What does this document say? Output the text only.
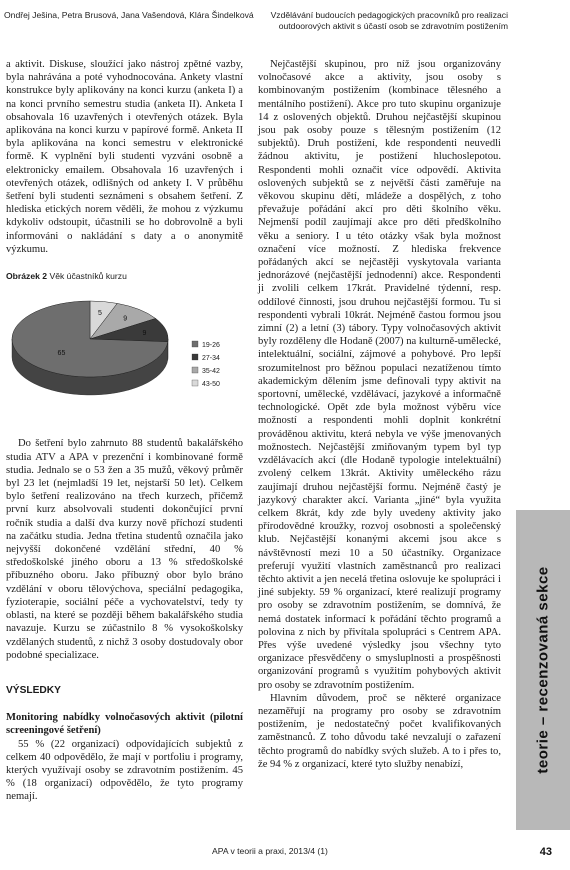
Ondřej Ješina, Petra Brusová, Jana Vašendová, Klára Šindelková Vzdělávání budoucích pedagogických pracovníků pro realizaci
outdoorových aktivit s účastí osob se zdravotním postižením

a aktivit. Diskuse, sloužící jako nástroj zpětné vazby, byla nahrávána a poté vyhodnocována. Ankety vlastní konstrukce byly aplikovány na konci kurzu (anketa I) a na konci prvního semestru studia (anketa II). Anketa I obsahovala 16 uzavřených i otevřených otázek. Byla aplikována na konci kurzu v papírové formě. Anketa II byla aplikována na konci semestru v elektronické formě. K vyplnění byli studenti vyzváni osobně a elektronicky emailem. Obsahovala 16 uzavřených i otevřených otázek, odlišných od ankety I. V průběhu šetření byli studenti seznámeni s obsahem šetření. Z hlediska etických norem věděli, že mohou z výzkumu kdykoliv odstoupit, účastnili se ho dobrovolně a byli informováni o nakládání s daty a o anonymitě výzkumu.

Obrázek 2 Věk účastníků kurzu
5
9
9
65
19-26
27-34
35-42
43-50

Do šetření bylo zahrnuto 88 studentů bakalářského studia ATV a APA v prezenční i kombinované formě studia. Jednalo se o 53 žen a 35 mužů, věkový průměr byl 23 let (nejmladší 19 let, nejstarší 50 let). Celkem bylo šetření realizováno na třech kurzech, přičemž první kurz absolvovali studenti dokončující první ročník studia a další dva kurzy nově příchozí studenti na začátku studia. Jedna třetina studentů označila jako nejvyšší dokončené vzdělání střední, 40 % středoškolské jiného oboru a 13 % středoškolské příbuzného oboru. Jako příbuzný obor bylo bráno vzdělání v oboru tělovýchova, speciální pedagogika, fyzioterapie, sociální péče a vychovatelství, tedy ty oblasti, na které se později během bakalářského studia navazuje. Kurzu se zúčastnilo 8 % vysokoškolsky vzdělaných studentů, z nichž 3 osoby dostudovaly obor podobné specializace.

VÝSLEDKY
Monitoring nabídky volnočasových aktivit (pilotní screeningové šetření)

55 % (22 organizací) odpovídajících subjektů z celkem 40 odpovědělo, že mají v portfoliu i programy, kterých využívají osoby se zdravotním postižením. 45 % (18 organizací) odpovědělo, že tyto programy nemají.

Nejčastější skupinou, pro níž jsou organizovány volnočasové akce a aktivity, jsou osoby s kombinovaným postižením (kombinace tělesného a mentálního postižení). Akce pro tuto skupinu organizuje 14 z oslovených objektů. Druhou nejčastější skupinou jsou pak osoby pouze s tělesným postižením (12 subjektů). Druh postižení, kde respondenti neuvedli žádnou aktivitu, je postižení hluchoslepotou. Respondenti mohli označit více odpovědí. Aktivita oslovených subjektů se z největší části zaměřuje na věkovou skupinu dětí, mládeže a dospělých, z toho převažuje pořádání akcí pro děti školního věku. Nejmenší podíl zaujímají akce pro děti předškolního věku a seniory. I u této otázky však byla možnost označení více možností. Z hlediska frekvence pořádaných akcí se nejčastěji vyskytovala varianta jednorázové (nejčastější jednodenní) akce. Respondenti ji zvolili celkem 17krát. Pravidelné týdenní, resp. oddílové činnosti, jsou druhou nejčastější formou. Tu si respondenti vybrali 10krát. Nejméně častou formou jsou zimní (2) a letní (3) tábory. Typy volnočasových aktivit byly rozděleny dle Hodaně (2007) na kulturně-umělecké, intelektuální, sociální, zájmové a pohybové. Pro lepší srozumitelnost pro běžnou populaci nezatíženou tímto akademickým dělením jsme definovali typy aktivit na sportovní, umělecké, vzdělávací, jazykové a informačně technologické. Opět zde byla možnost výběru více možností a respondenti mohli doplnit konkrétní prováděnou aktivitu, která nebyla ve výše jmenovaných možnostech. Nejčastější zmiňovaným typem byl typ vzdělávacích akcí (dle Hodaně typologie intelektuální) zvolený celkem 13krát. Aktivity uměleckého rázu zaujímají druhou nejčastější formu. Nejméně častý je jazykový charakter akcí. Varianta „jiné“ byla využita celkem 8krát, kdy zde byly uvedeny aktivity jako přírodovědné kroužky, rozvoj osobnosti a společenský klub. Nejčastější konanými akcemi jsou akce s návštěvností mezi 10 a 50 účastníky. Organizace preferují využití vlastních zaměstnanců pro realizaci těchto aktivit a jen necelá třetina oslovuje ke spolupráci i jiné subjekty. 59 % organizací, které realizují programy pro osoby se zdravotním postižením, se domnívá, že nemá dostatek informací k pořádání těchto programů a polovina z nich by přivítala spolupráci s Centrem APA. Přes výše uvedené výsledky jsou všechny tyto organizace přesvědčeny o smysluplnosti a prospěšnosti organizování programů s využitím pohybových aktivit pro osoby se zdravotním postižením.

Hlavním důvodem, proč se některé organizace nezaměřují na programy pro osoby se zdravotním postižením, je nedostatečný počet kvalifikovaných zaměstnanců. Z toho důvodu také nevzalují o zařazení těchto programů do nabídky svých služeb. A to i přes to, že 94 % z organizací, které tyto služby nenabízí,	teorie – recenzovaná sekce
APA v teorii a praxi, 2013/4 (1)	43
